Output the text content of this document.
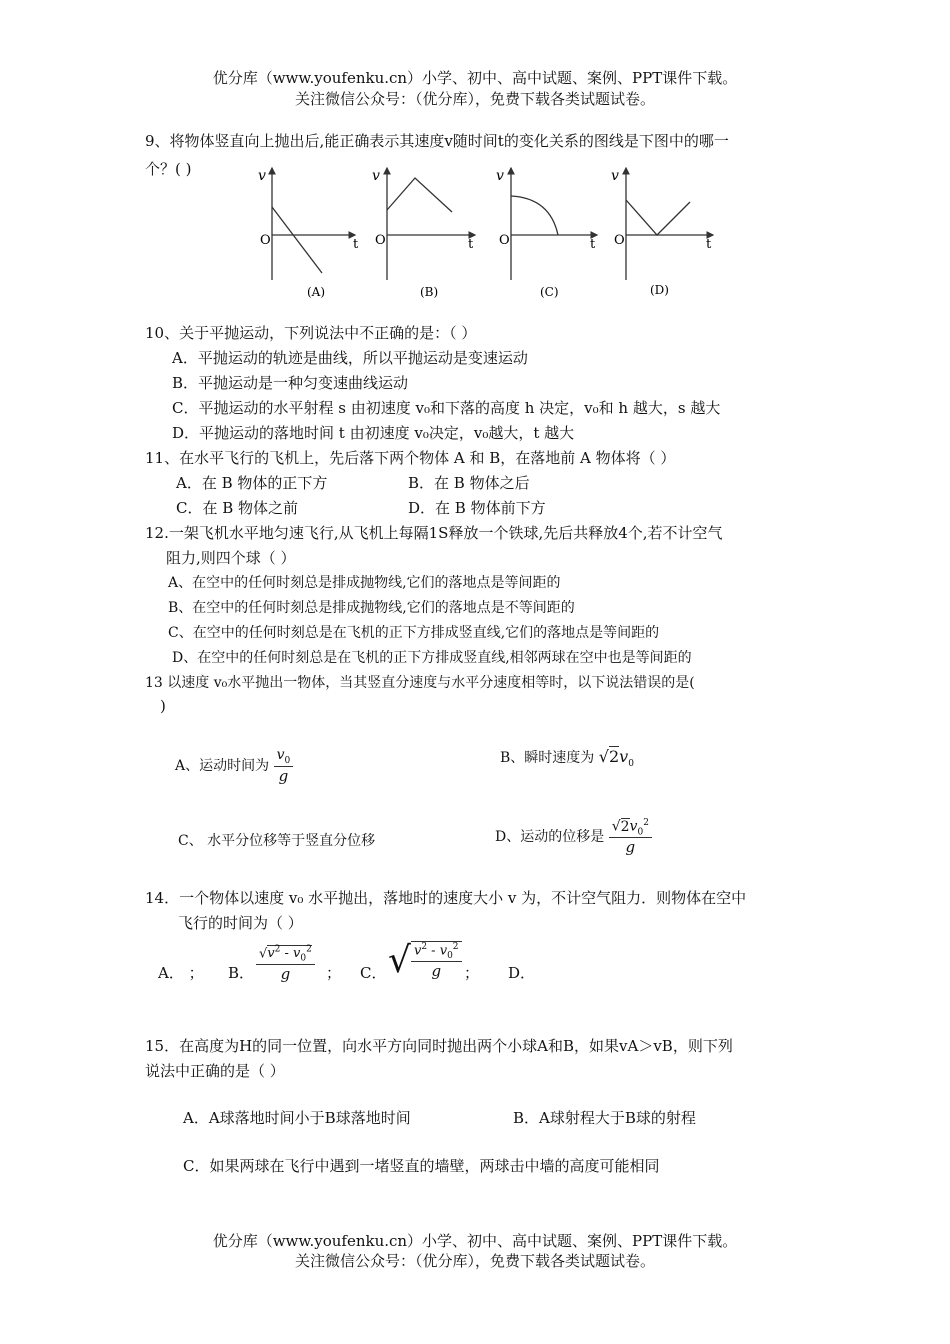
优分库（www.youfenku.cn）小学、初中、高中试题、案例、PPT课件下载。
关注微信公众号：（优分库），免费下载各类试题试卷。
9、将物体竖直向上抛出后,能正确表示其速度v随时间t的变化关系的图线是下图中的哪一
个？( )	v
O	t
(A)
v
O	t
(B)
v
O	t
(C)
v
O	t
(D)
10、关于平抛运动，下列说法中不正确的是：（ ）
A．平抛运动的轨迹是曲线，所以平抛运动是变速运动
B．平抛运动是一种匀变速曲线运动
C．平抛运动的水平射程 s 由初速度 v₀和下落的高度 h 决定，v₀和 h 越大，s 越大
D．平抛运动的落地时间 t 由初速度 v₀决定，v₀越大，t 越大
11、在水平飞行的飞机上，先后落下两个物体 A 和 B，在落地前 A 物体将（ ）
A．在 B 物体的正下方	B．在 B 物体之后
C．在 B 物体之前	D．在 B 物体前下方
12.一架飞机水平地匀速飞行,从飞机上每隔1S释放一个铁球,先后共释放4个,若不计空气
阻力,则四个球（ ）
A、在空中的任何时刻总是排成抛物线,它们的落地点是等间距的
B、在空中的任何时刻总是排成抛物线,它们的落地点是不等间距的
C、在空中的任何时刻总是在飞机的正下方排成竖直线,它们的落地点是等间距的
D、在空中的任何时刻总是在飞机的正下方排成竖直线,相邻两球在空中也是等间距的
13 以速度 v₀水平抛出一物体，当其竖直分速度与水平分速度相等时，以下说法错误的是(
)
A、运动时间为 $\frac{v_0}{g}$	B、瞬时速度为 $√2v_0$
C、 水平分位移等于竖直分位移	D、运动的位移是 $\frac{√2v_0^2}{g}$
14．一个物体以速度 v₀ 水平抛出，落地时的速度大小 v 为，不计空气阻力．则物体在空中
飞行的时间为（ ）
A． ； B． $\frac{√v^2 - v_0^2}{g}$ ； C． √ $\frac{v^2 - v_0^2}{g}$ ； D．
15．在高度为H的同一位置，向水平方向同时抛出两个小球A和B，如果vA＞vB，则下列
说法中正确的是（ ）
A．A球落地时间小于B球落地时间	B．A球射程大于B球的射程
C．如果两球在飞行中遇到一堵竖直的墙壁，两球击中墙的高度可能相同
优分库（www.youfenku.cn）小学、初中、高中试题、案例、PPT课件下载。
关注微信公众号：（优分库），免费下载各类试题试卷。
